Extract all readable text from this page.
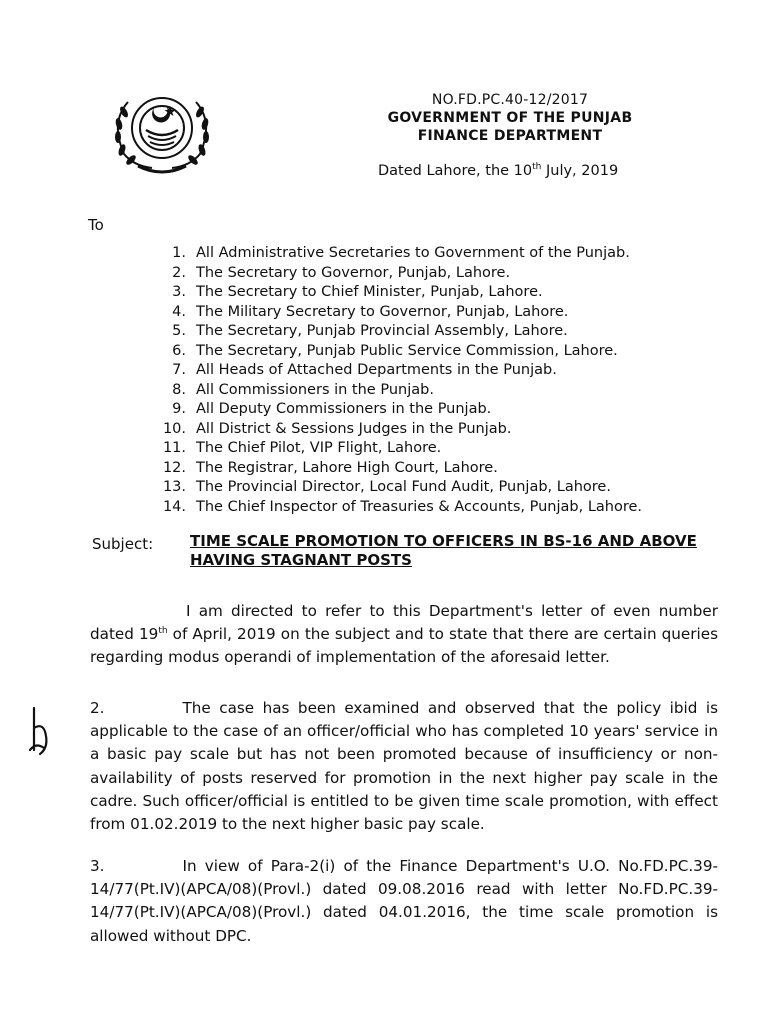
NO.FD.PC.40-12/2017
GOVERNMENT OF THE PUNJAB
FINANCE DEPARTMENT
Dated Lahore, the 10th July, 2019
To
1. All Administrative Secretaries to Government of the Punjab.
2. The Secretary to Governor, Punjab, Lahore.
3. The Secretary to Chief Minister, Punjab, Lahore.
4. The Military Secretary to Governor, Punjab, Lahore.
5. The Secretary, Punjab Provincial Assembly, Lahore.
6. The Secretary, Punjab Public Service Commission, Lahore.
7. All Heads of Attached Departments in the Punjab.
8. All Commissioners in the Punjab.
9. All Deputy Commissioners in the Punjab.
10. All District & Sessions Judges in the Punjab.
11. The Chief Pilot, VIP Flight, Lahore.
12. The Registrar, Lahore High Court, Lahore.
13. The Provincial Director, Local Fund Audit, Punjab, Lahore.
14. The Chief Inspector of Treasuries & Accounts, Punjab, Lahore.
Subject: TIME SCALE PROMOTION TO OFFICERS IN BS-16 AND ABOVE HAVING STAGNANT POSTS
I am directed to refer to this Department's letter of even number dated 19th of April, 2019 on the subject and to state that there are certain queries regarding modus operandi of implementation of the aforesaid letter.
2.	The case has been examined and observed that the policy ibid is applicable to the case of an officer/official who has completed 10 years' service in a basic pay scale but has not been promoted because of insufficiency or non-availability of posts reserved for promotion in the next higher pay scale in the cadre. Such officer/official is entitled to be given time scale promotion, with effect from 01.02.2019 to the next higher basic pay scale.
3.	In view of Para-2(i) of the Finance Department's U.O. No.FD.PC.39-14/77(Pt.IV)(APCA/08)(Provl.) dated 09.08.2016 read with letter No.FD.PC.39-14/77(Pt.IV)(APCA/08)(Provl.) dated 04.01.2016, the time scale promotion is allowed without DPC.
